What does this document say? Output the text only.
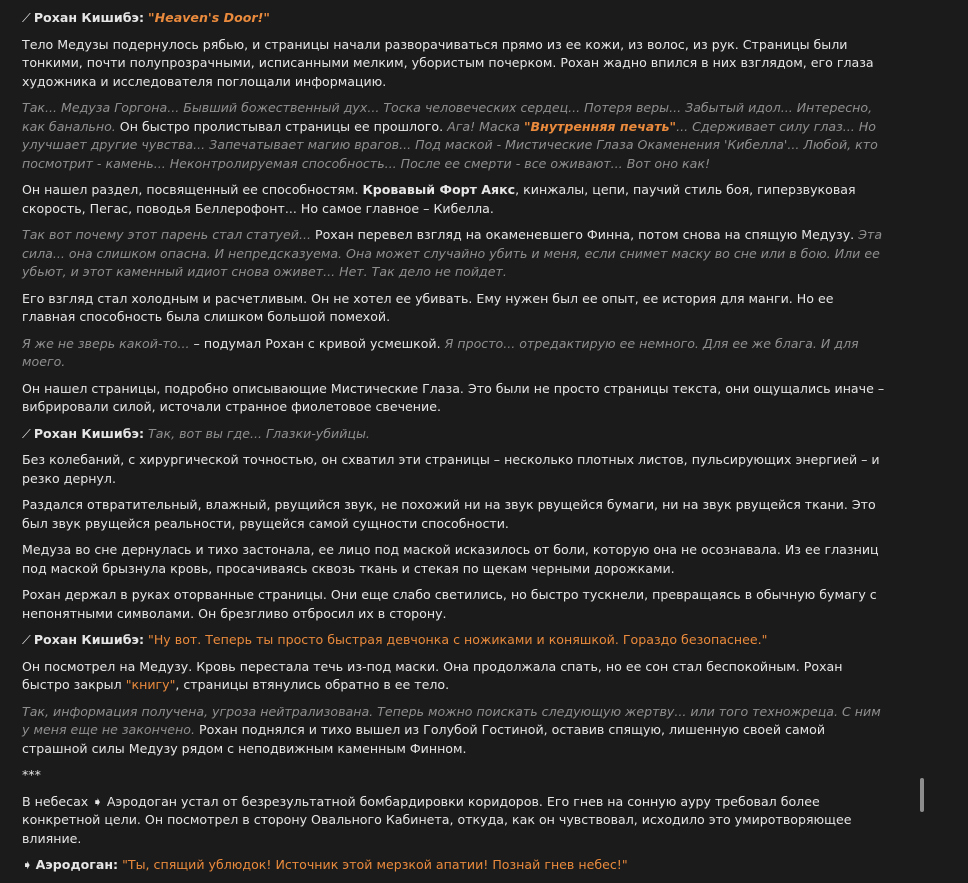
⟋ Рохан Кишибэ: "Heaven's Door!"
Тело Медузы подернулось рябью, и страницы начали разворачиваться прямо из ее кожи, из волос, из рук. Страницы были тонкими, почти полупрозрачными, исписанными мелким, убористым почерком. Рохан жадно впился в них взглядом, его глаза художника и исследователя поглощали информацию.
Так... Медуза Горгона... Бывший божественный дух... Тоска человеческих сердец... Потеря веры... Забытый идол... Интересно, как банально. Он быстро пролистывал страницы ее прошлого. Ага! Маска "Внутренняя печать"... Сдерживает силу глаз... Но улучшает другие чувства... Запечатывает магию врагов... Под маской - Мистические Глаза Окаменения 'Кибелла'... Любой, кто посмотрит - камень... Неконтролируемая способность... После ее смерти - все оживают... Вот оно как!
Он нашел раздел, посвященный ее способностям. Кровавый Форт Аякс, кинжалы, цепи, паучий стиль боя, гиперзвуковая скорость, Пегас, поводья Беллерофонт... Но самое главное – Кибелла.
Так вот почему этот парень стал статуей... Рохан перевел взгляд на окаменевшего Финна, потом снова на спящую Медузу. Эта сила... она слишком опасна. И непредсказуема. Она может случайно убить и меня, если снимет маску во сне или в бою. Или ее убьют, и этот каменный идиот снова оживет... Нет. Так дело не пойдет.
Его взгляд стал холодным и расчетливым. Он не хотел ее убивать. Ему нужен был ее опыт, ее история для манги. Но ее главная способность была слишком большой помехой.
Я же не зверь какой-то... – подумал Рохан с кривой усмешкой. Я просто... отредактирую ее немного. Для ее же блага. И для моего.
Он нашел страницы, подробно описывающие Мистические Глаза. Это были не просто страницы текста, они ощущались иначе – вибрировали силой, источали странное фиолетовое свечение.
⟋ Рохан Кишибэ: Так, вот вы где... Глазки-убийцы.
Без колебаний, с хирургической точностью, он схватил эти страницы – несколько плотных листов, пульсирующих энергией – и резко дернул.
Раздался отвратительный, влажный, рвущийся звук, не похожий ни на звук рвущейся бумаги, ни на звук рвущейся ткани. Это был звук рвущейся реальности, рвущейся самой сущности способности.
Медуза во сне дернулась и тихо застонала, ее лицо под маской исказилось от боли, которую она не осознавала. Из ее глазниц под маской брызнула кровь, просачиваясь сквозь ткань и стекая по щекам черными дорожками.
Рохан держал в руках оторванные страницы. Они еще слабо светились, но быстро тускнели, превращаясь в обычную бумагу с непонятными символами. Он брезгливо отбросил их в сторону.
⟋ Рохан Кишибэ: "Ну вот. Теперь ты просто быстрая девчонка с ножиками и коняшкой. Гораздо безопаснее."
Он посмотрел на Медузу. Кровь перестала течь из-под маски. Она продолжала спать, но ее сон стал беспокойным. Рохан быстро закрыл "книгу", страницы втянулись обратно в ее тело.
Так, информация получена, угроза нейтрализована. Теперь можно поискать следующую жертву... или того техножреца. С ним у меня еще не закончено. Рохан поднялся и тихо вышел из Голубой Гостиной, оставив спящую, лишенную своей самой страшной силы Медузу рядом с неподвижным каменным Финном.
***
В небесах ➧ Аэродоган устал от безрезультатной бомбардировки коридоров. Его гнев на сонную ауру требовал более конкретной цели. Он посмотрел в сторону Овального Кабинета, откуда, как он чувствовал, исходило это умиротворяющее влияние.
➧ Аэродоган: "Ты, спящий ублюдок! Источник этой мерзкой апатии! Познай гнев небес!"
